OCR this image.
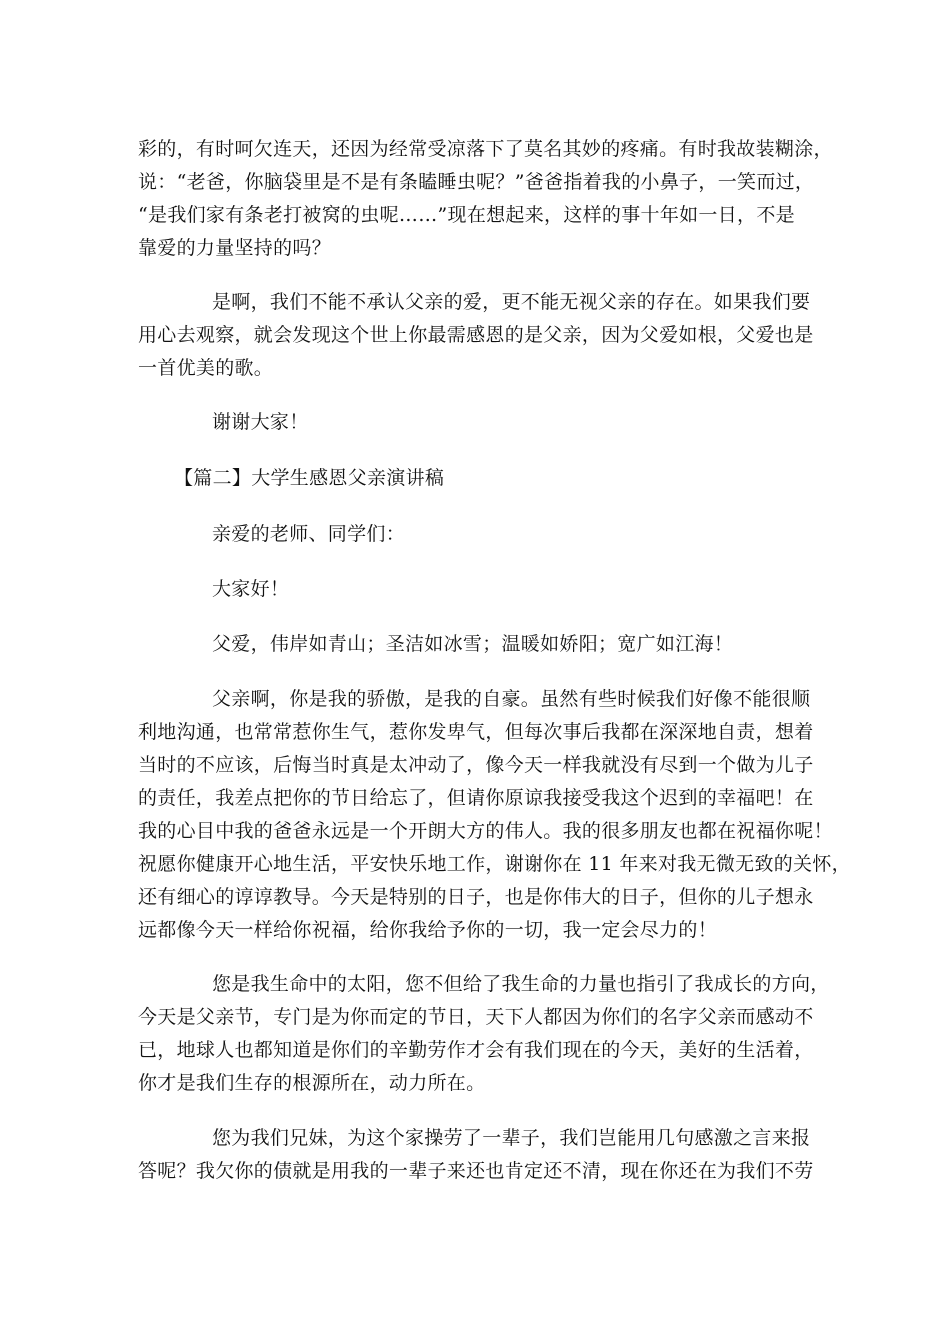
彩的，有时呵欠连天，还因为经常受凉落下了莫名其妙的疼痛。有时我故装糊涂，
说：“老爸，你脑袋里是不是有条瞌睡虫呢？”爸爸指着我的小鼻子，一笑而过，
“是我们家有条老打被窝的虫呢……”现在想起来，这样的事十年如一日，不是
靠爱的力量坚持的吗？
是啊，我们不能不承认父亲的爱，更不能无视父亲的存在。如果我们要
用心去观察，就会发现这个世上你最需感恩的是父亲，因为父爱如根，父爱也是
一首优美的歌。
谢谢大家！
【篇二】大学生感恩父亲演讲稿
亲爱的老师、同学们：
大家好！
父爱，伟岸如青山；圣洁如冰雪；温暖如娇阳；宽广如江海！
父亲啊，你是我的骄傲，是我的自豪。虽然有些时候我们好像不能很顺
利地沟通，也常常惹你生气，惹你发卑气，但每次事后我都在深深地自责，想着
当时的不应该，后悔当时真是太冲动了，像今天一样我就没有尽到一个做为儿子
的责任，我差点把你的节日给忘了，但请你原谅我接受我这个迟到的幸福吧！在
我的心目中我的爸爸永远是一个开朗大方的伟人。我的很多朋友也都在祝福你呢！
祝愿你健康开心地生活，平安快乐地工作，谢谢你在 11 年来对我无微无致的关怀，
还有细心的谆谆教导。今天是特别的日子，也是你伟大的日子，但你的儿子想永
远都像今天一样给你祝福，给你我给予你的一切，我一定会尽力的！
您是我生命中的太阳，您不但给了我生命的力量也指引了我成长的方向，
今天是父亲节，专门是为你而定的节日，天下人都因为你们的名字父亲而感动不
已，地球人也都知道是你们的辛勤劳作才会有我们现在的今天，美好的生活着，
你才是我们生存的根源所在，动力所在。
您为我们兄妹，为这个家操劳了一辈子，我们岂能用几句感激之言来报
答呢？我欠你的债就是用我的一辈子来还也肯定还不清，现在你还在为我们不劳
